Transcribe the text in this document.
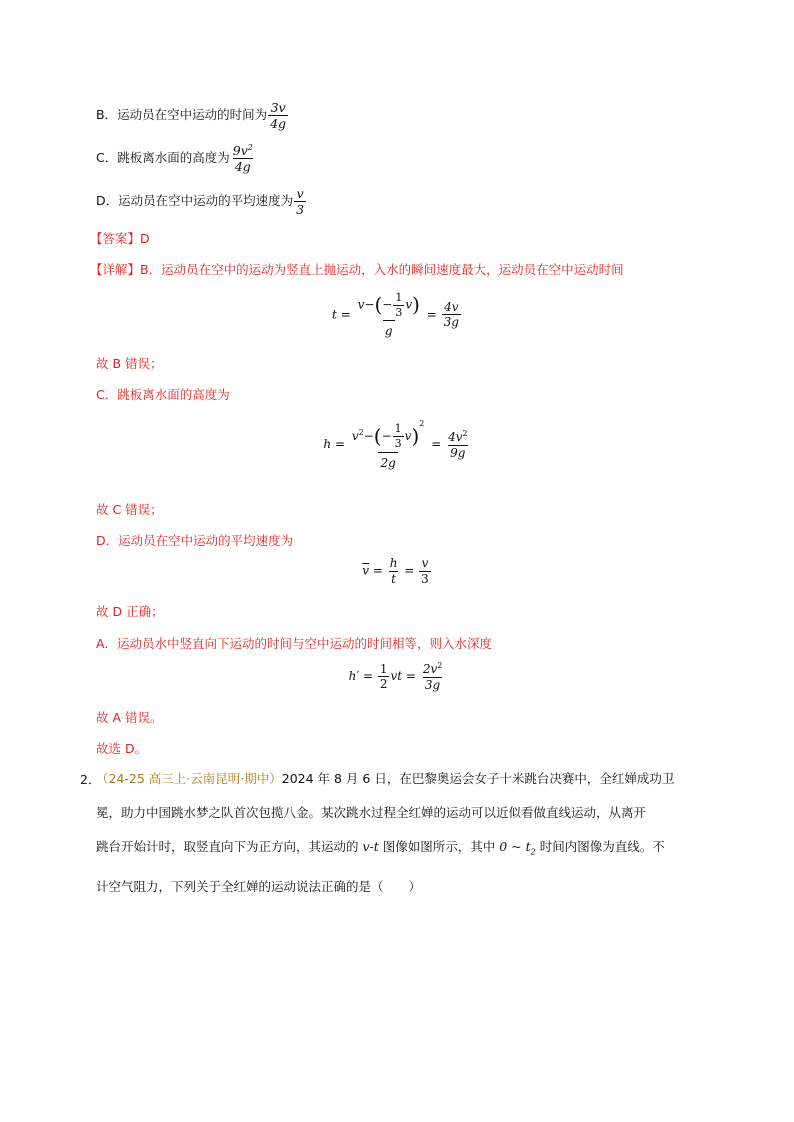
B．运动员在空中运动的时间为 $\frac{3v}{4g}$
C．跳板离水面的高度为 $\frac{9v^2}{4g}$
D．运动员在空中运动的平均速度为 $\frac{v}{3}$
【答案】D
【详解】B．运动员在空中的运动为竖直上抛运动，入水的瞬间速度最大，运动员在空中运动时间
$t = \frac{v-(- \frac{1}{3} v)}{g} = \frac{4v}{3g}$
故 B 错误；
C．跳板离水面的高度为
$h = \frac{v^2-(- \frac{1}{3} v)^2}{2g} = \frac{4v^2}{9g}$
故 C 错误；
D．运动员在空中运动的平均速度为
$\overline{v} = \frac{h}{t} = \frac{v}{3}$
故 D 正确；
A．运动员水中竖直向下运动的时间与空中运动的时间相等，则入水深度
$h' = \frac{1}{2}$ vt = $\frac{2v^2}{3g}$
故 A 错误。
故选 D。
2．
（24-25 高三上·云南昆明·期中）2024 年 8 月 6 日，在巴黎奥运会女子十米跳台决赛中，全红婵成功卫
冕，助力中国跳水梦之队首次包揽八金。某次跳水过程全红婵的运动可以近似看做直线运动，从离开
跳台开始计时，取竖直向下为正方向，其运动的 v-t 图像如图所示，其中 0 ~ $t_2$ 时间内图像为直线。不
计空气阻力，下列关于全红婵的运动说法正确的是（　　）
